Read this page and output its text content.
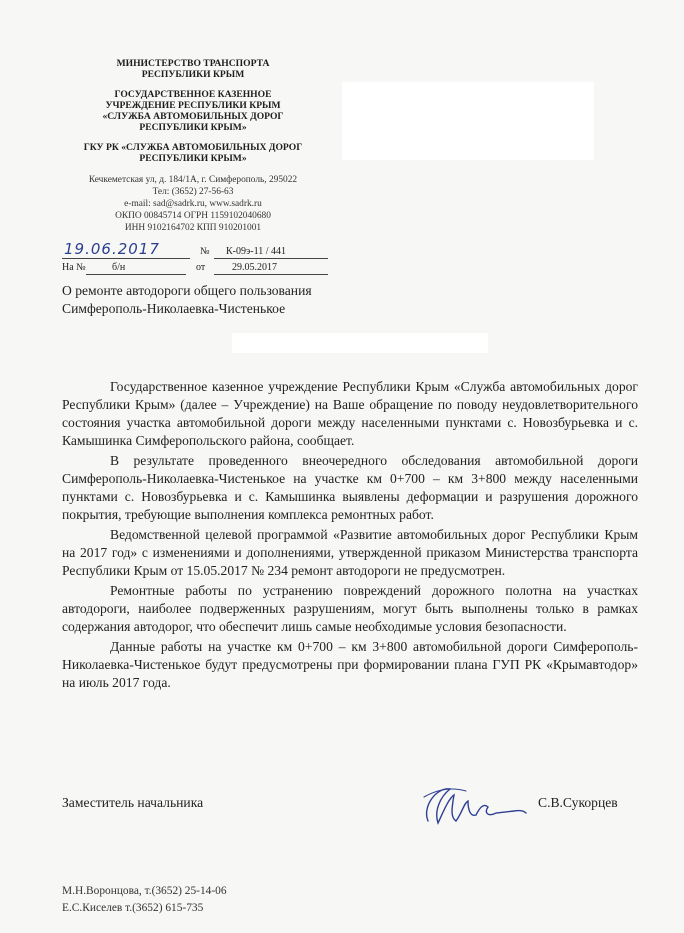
МИНИСТЕРСТВО ТРАНСПОРТА
РЕСПУБЛИКИ КРЫМ
ГОСУДАРСТВЕННОЕ КАЗЕННОЕ
УЧРЕЖДЕНИЕ РЕСПУБЛИКИ КРЫМ
«СЛУЖБА АВТОМОБИЛЬНЫХ ДОРОГ
РЕСПУБЛИКИ КРЫМ»
ГКУ РК «СЛУЖБА АВТОМОБИЛЬНЫХ ДОРОГ
РЕСПУБЛИКИ КРЫМ»
Кечкеметская ул, д. 184/1А, г. Симферополь, 295022
Тел: (3652) 27-56-63
e-mail: sad@sadrk.ru, www.sadrk.ru
ОКПО 00845714 ОГРН 1159102040680
ИНН 9102164702 КПП 910201001
19.06.2017	№ К-09э-11 / 441
На №	б/н	от	29.05.2017
О ремонте автодороги общего пользования
Симферополь-Николаевка-Чистенькое

Государственное казенное учреждение Республики Крым «Служба автомобильных дорог Республики Крым» (далее – Учреждение) на Ваше обращение по поводу неудовлетворительного состояния участка автомобильной дороги между населенными пунктами с. Новозбурьевка и с. Камышинка Симферопольского района, сообщает.

В результате проведенного внеочередного обследования автомобильной дороги Симферополь-Николаевка-Чистенькое на участке км 0+700 – км 3+800 между населенными пунктами с. Новозбурьевка и с. Камышинка выявлены деформации и разрушения дорожного покрытия, требующие выполнения комплекса ремонтных работ.

Ведомственной целевой программой «Развитие автомобильных дорог Республики Крым на 2017 год» с изменениями и дополнениями, утвержденной приказом Министерства транспорта Республики Крым от 15.05.2017 № 234 ремонт автодороги не предусмотрен.

Ремонтные работы по устранению повреждений дорожного полотна на участках автодороги, наиболее подверженных разрушениям, могут быть выполнены только в рамках содержания автодорог, что обеспечит лишь самые необходимые условия безопасности.

Данные работы на участке км 0+700 – км 3+800 автомобильной дороги Симферополь-Николаевка-Чистенькое будут предусмотрены при формировании плана ГУП РК «Крымавтодор» на июль 2017 года.

Заместитель начальника	С.В.Сукорцев
М.Н.Воронцова, т.(3652) 25-14-06
Е.С.Киселев т.(3652) 615-735
